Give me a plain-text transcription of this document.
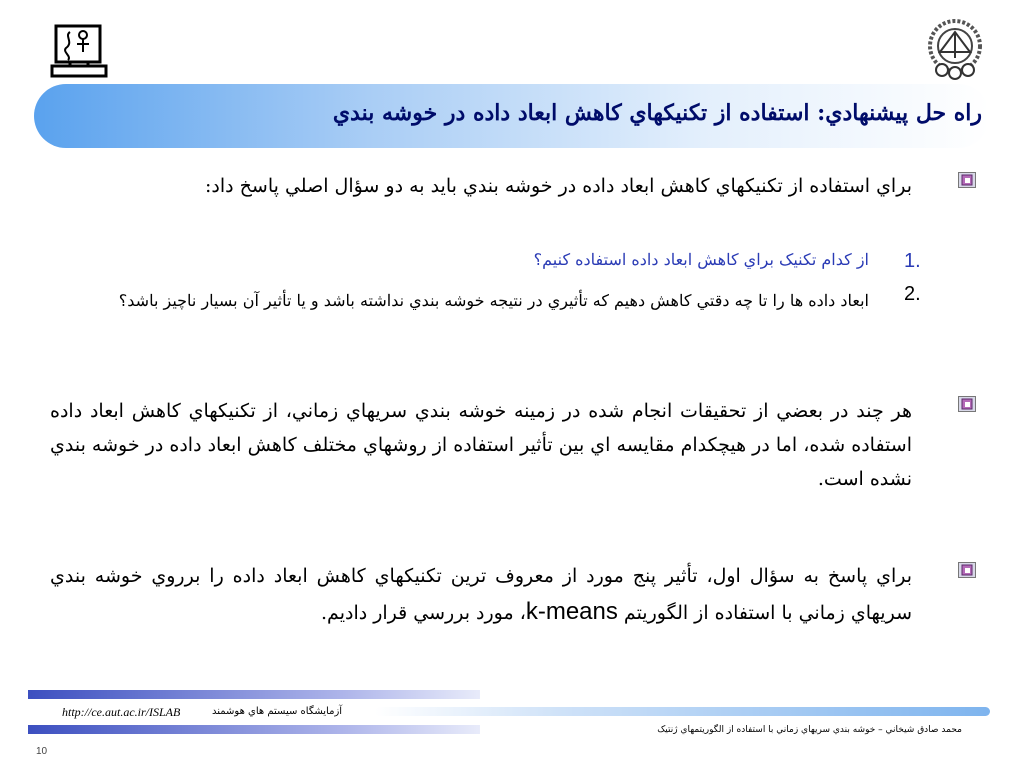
راه حل پيشنهادي: استفاده از تکنيکهاي کاهش ابعاد داده در خوشه بندي
براي استفاده از تکنيکهاي کاهش ابعاد داده در خوشه بندي بايد به دو سؤال اصلي پاسخ داد:
1.
از کدام تکنيک براي کاهش ابعاد داده استفاده کنيم؟
2.
ابعاد داده ها را تا چه دقتي کاهش دهيم که تأثيري در نتيجه خوشه بندي نداشته باشد و يا تأثير آن بسيار ناچيز باشد؟
هر چند در بعضي از تحقيقات انجام شده در زمينه خوشه بندي سريهاي زماني، از تکنيکهاي کاهش ابعاد داده استفاده شده، اما در هيچکدام مقايسه اي بين تأثير استفاده از روشهاي مختلف کاهش ابعاد داده در خوشه بندي نشده است.
براي پاسخ به سؤال اول، تأثير پنج مورد از معروف ترين تکنيکهاي کاهش ابعاد داده را برروي خوشه بندي سريهاي زماني با استفاده از الگوريتم k-means، مورد بررسي قرار داديم.
http://ce.aut.ac.ir/ISLAB	آزمايشگاه سيستم هاي هوشمند
محمد صادق شيخاني – خوشه بندي سريهاي زماني با استفاده از الگوريتمهاي ژنتيک
10
